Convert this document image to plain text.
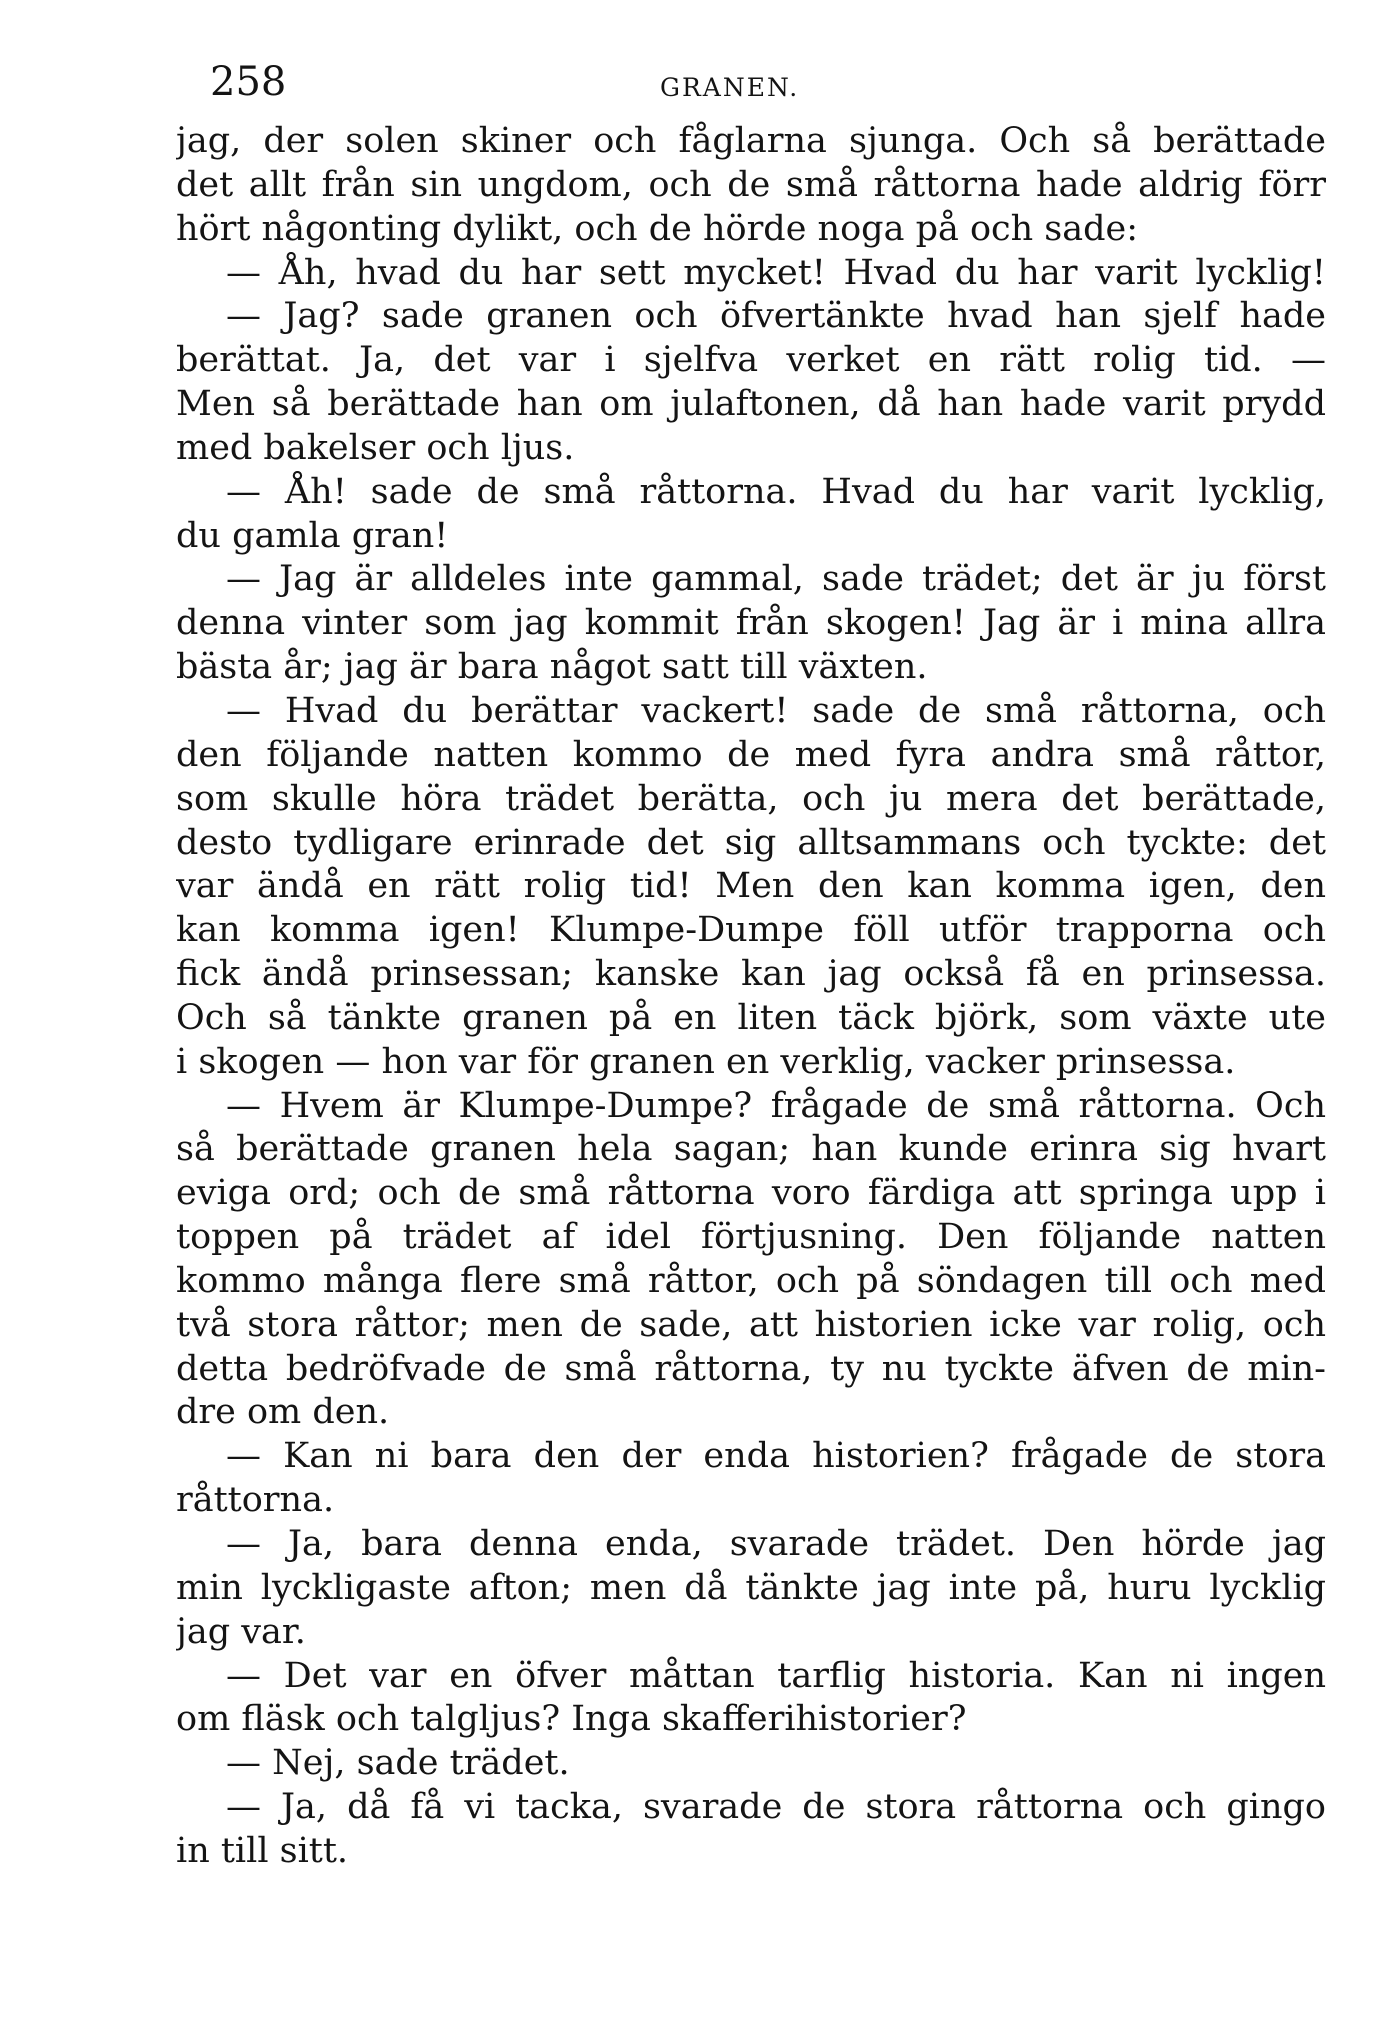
258	GRANEN.
jag, der solen skiner och fåglarna sjunga. Och så berättade
det allt från sin ungdom, och de små råttorna hade aldrig förr
hört någonting dylikt, och de hörde noga på och sade:
— Åh, hvad du har sett mycket! Hvad du har varit lycklig!
— Jag? sade granen och öfvertänkte hvad han sjelf hade
berättat. Ja, det var i sjelfva verket en rätt rolig tid. —
Men så berättade han om julaftonen, då han hade varit prydd
med bakelser och ljus.
— Åh! sade de små råttorna. Hvad du har varit lycklig,
du gamla gran!
— Jag är alldeles inte gammal, sade trädet; det är ju först
denna vinter som jag kommit från skogen! Jag är i mina allra
bästa år; jag är bara något satt till växten.
— Hvad du berättar vackert! sade de små råttorna, och
den följande natten kommo de med fyra andra små råttor,
som skulle höra trädet berätta, och ju mera det berättade,
desto tydligare erinrade det sig alltsammans och tyckte: det
var ändå en rätt rolig tid! Men den kan komma igen, den
kan komma igen! Klumpe-Dumpe föll utför trapporna och
fick ändå prinsessan; kanske kan jag också få en prinsessa.
Och så tänkte granen på en liten täck björk, som växte ute
i skogen — hon var för granen en verklig, vacker prinsessa.
— Hvem är Klumpe-Dumpe? frågade de små råttorna. Och
så berättade granen hela sagan; han kunde erinra sig hvart
eviga ord; och de små råttorna voro färdiga att springa upp i
toppen på trädet af idel förtjusning. Den följande natten
kommo många flere små råttor, och på söndagen till och med
två stora råttor; men de sade, att historien icke var rolig, och
detta bedröfvade de små råttorna, ty nu tyckte äfven de min-
dre om den.
— Kan ni bara den der enda historien? frågade de stora
råttorna.
— Ja, bara denna enda, svarade trädet. Den hörde jag
min lyckligaste afton; men då tänkte jag inte på, huru lycklig
jag var.
— Det var en öfver måttan tarflig historia. Kan ni ingen
om fläsk och talgljus? Inga skafferihistorier?
— Nej, sade trädet.
— Ja, då få vi tacka, svarade de stora råttorna och gingo
in till sitt.
